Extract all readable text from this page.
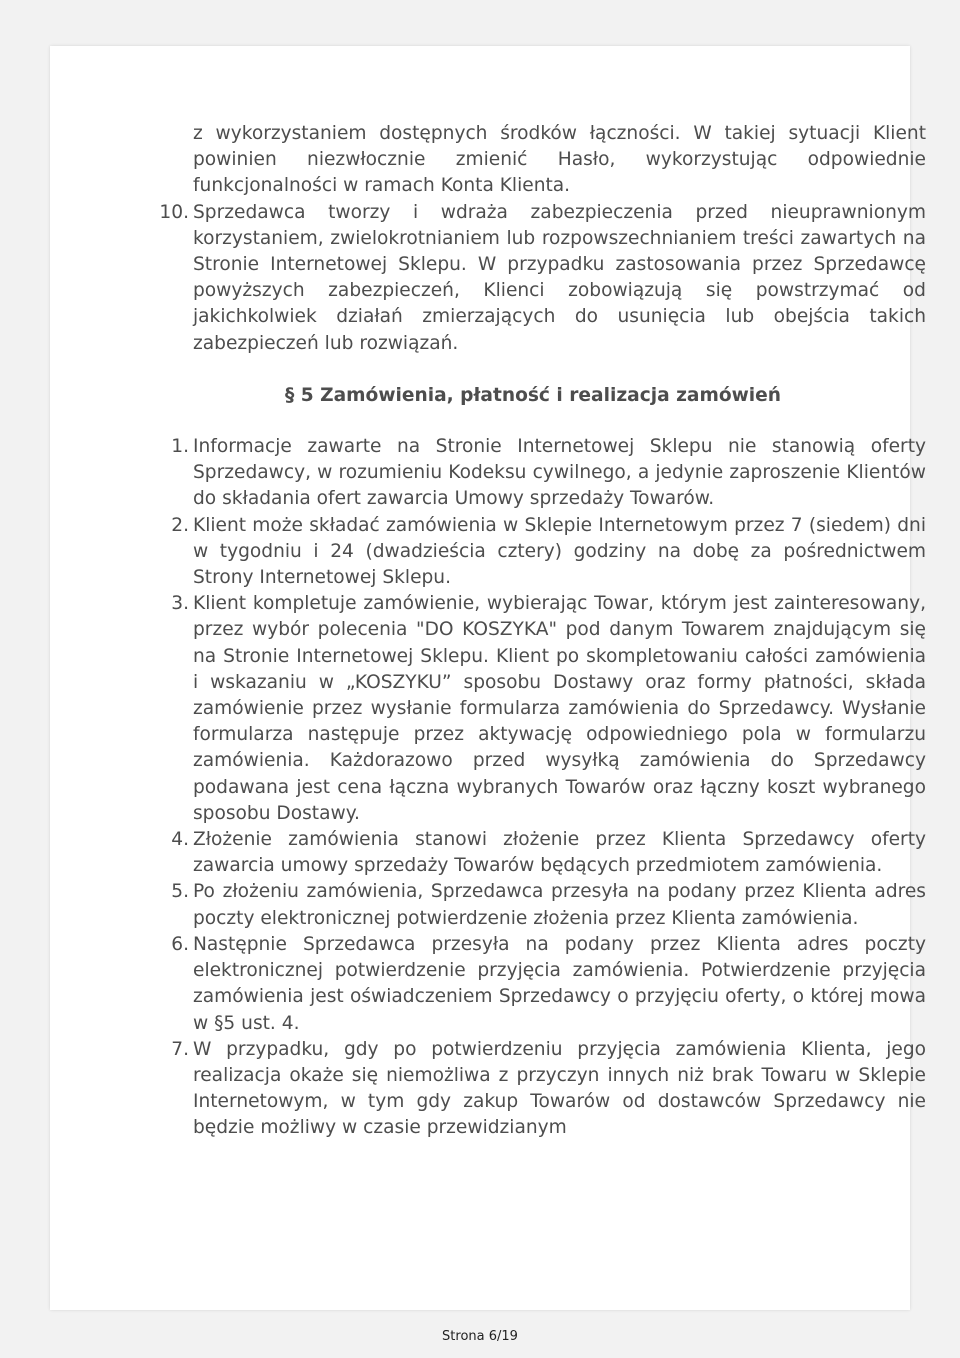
z wykorzystaniem dostępnych środków łączności. W takiej sytuacji Klient powinien niezwłocznie zmienić Hasło, wykorzystując odpowiednie funkcjonalności w ramach Konta Klienta.
10. Sprzedawca tworzy i wdraża zabezpieczenia przed nieuprawnionym korzystaniem, zwielokrotnianiem lub rozpowszechnianiem treści zawartych na Stronie Internetowej Sklepu. W przypadku zastosowania przez Sprzedawcę powyższych zabezpieczeń, Klienci zobowiązują się powstrzymać od jakichkolwiek działań zmierzających do usunięcia lub obejścia takich zabezpieczeń lub rozwiązań.
§ 5 Zamówienia, płatność i realizacja zamówień
1. Informacje zawarte na Stronie Internetowej Sklepu nie stanowią oferty Sprzedawcy, w rozumieniu Kodeksu cywilnego, a jedynie zaproszenie Klientów do składania ofert zawarcia Umowy sprzedaży Towarów.
2. Klient może składać zamówienia w Sklepie Internetowym przez 7 (siedem) dni w tygodniu i 24 (dwadzieścia cztery) godziny na dobę za pośrednictwem Strony Internetowej Sklepu.
3. Klient kompletuje zamówienie, wybierając Towar, którym jest zainteresowany, przez wybór polecenia "DO KOSZYKA" pod danym Towarem znajdującym się na Stronie Internetowej Sklepu. Klient po skompletowaniu całości zamówienia i wskazaniu w „KOSZYKU” sposobu Dostawy oraz formy płatności, składa zamówienie przez wysłanie formularza zamówienia do Sprzedawcy. Wysłanie formularza następuje przez aktywację odpowiedniego pola w formularzu zamówienia. Każdorazowo przed wysyłką zamówienia do Sprzedawcy podawana jest cena łączna wybranych Towarów oraz łączny koszt wybranego sposobu Dostawy.
4. Złożenie zamówienia stanowi złożenie przez Klienta Sprzedawcy oferty zawarcia umowy sprzedaży Towarów będących przedmiotem zamówienia.
5. Po złożeniu zamówienia, Sprzedawca przesyła na podany przez Klienta adres poczty elektronicznej potwierdzenie złożenia przez Klienta zamówienia.
6. Następnie Sprzedawca przesyła na podany przez Klienta adres poczty elektronicznej potwierdzenie przyjęcia zamówienia. Potwierdzenie przyjęcia zamówienia jest oświadczeniem Sprzedawcy o przyjęciu oferty, o której mowa w §5 ust. 4.
7. W przypadku, gdy po potwierdzeniu przyjęcia zamówienia Klienta, jego realizacja okaże się niemożliwa z przyczyn innych niż brak Towaru w Sklepie Internetowym, w tym gdy zakup Towarów od dostawców Sprzedawcy nie będzie możliwy w czasie przewidzianym
Strona 6/19
